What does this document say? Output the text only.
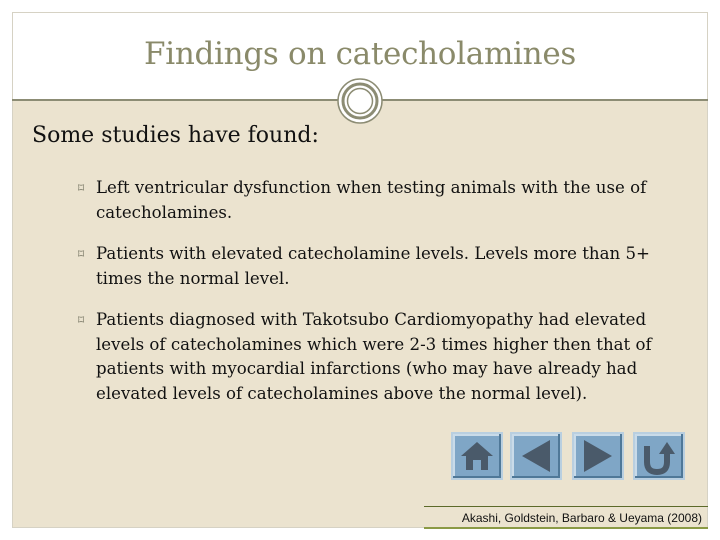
Findings on catecholamines
Some studies have found:
⌑ Left ventricular dysfunction when testing animals with the use of catecholamines.
⌑ Patients with elevated catecholamine levels. Levels more than 5+ times the normal level.
⌑ Patients diagnosed with Takotsubo Cardiomyopathy had elevated levels of catecholamines which were 2-3 times higher then that of patients with myocardial infarctions (who may have already had elevated levels of catecholamines above the normal level).
Akashi, Goldstein, Barbaro & Ueyama (2008)
